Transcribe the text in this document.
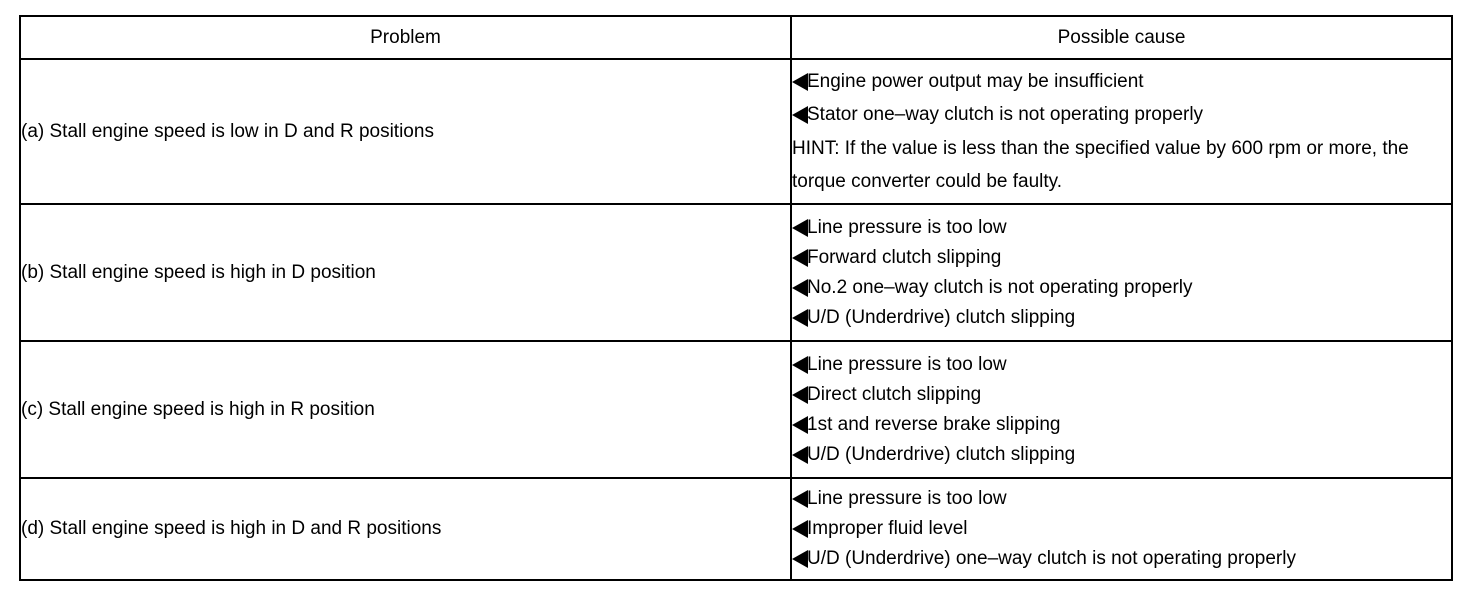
Problem	Possible cause
(a) Stall engine speed is low in D and R positions	Engine power output may be insufficient
Stator one–way clutch is not operating properly
HINT: If the value is less than the specified value by 600 rpm or more, the torque converter could be faulty.

(b) Stall engine speed is high in D position	Line pressure is too low
Forward clutch slipping
No.2 one–way clutch is not operating properly
U/D (Underdrive) clutch slipping

(c) Stall engine speed is high in R position	Line pressure is too low
Direct clutch slipping
1st and reverse brake slipping
U/D (Underdrive) clutch slipping

(d) Stall engine speed is high in D and R positions	Line pressure is too low
Improper fluid level
U/D (Underdrive) one–way clutch is not operating properly
